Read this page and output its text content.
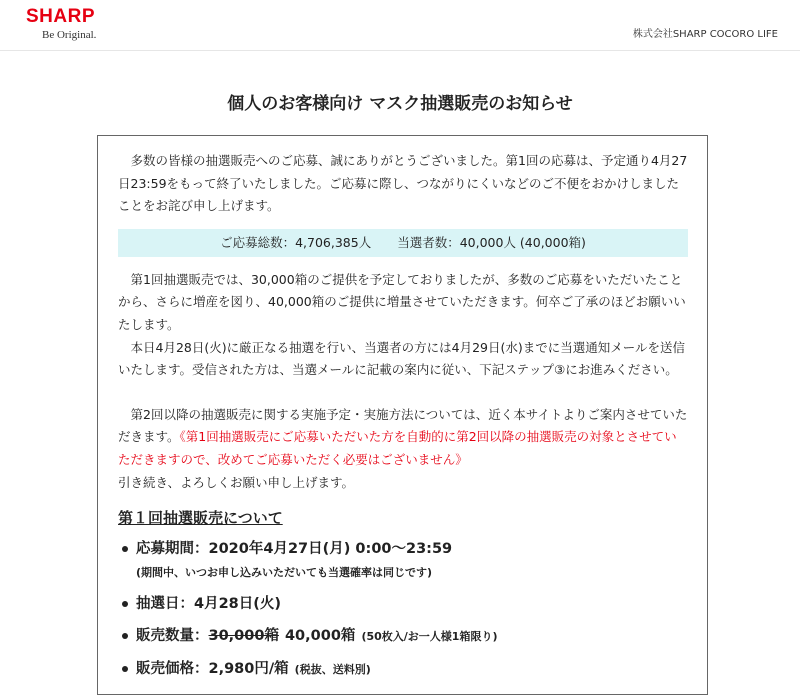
SHARP
Be Original.	株式会社SHARP COCORO LIFE
個人のお客様向け マスク抽選販売のお知らせ

　多数の皆様の抽選販売へのご応募、誠にありがとうございました。第1回の応募は、予定通り4月27日23:59をもって終了いたしました。ご応募に際し、つながりにくいなどのご不便をおかけしましたことをお詫び申し上げます。

ご応募総数：4,706,385人 当選者数：40,000人 (40,000箱)

　第1回抽選販売では、30,000箱のご提供を予定しておりましたが、多数のご応募をいただいたことから、さらに増産を図り、40,000箱のご提供に増量させていただきます。何卒ご了承のほどお願いいたします。

　本日4月28日(火)に厳正なる抽選を行い、当選者の方には4月29日(水)までに当選通知メールを送信いたします。受信された方は、当選メールに記載の案内に従い、下記ステップ③にお進みください。

　第2回以降の抽選販売に関する実施予定・実施方法については、近く本サイトよりご案内させていただきます。《第1回抽選販売にご応募いただいた方を自動的に第2回以降の抽選販売の対象とさせていただきますので、改めてご応募いただく必要はございません》

引き続き、よろしくお願い申し上げます。

第１回抽選販売について
応募期間：2020年4月27日(月) 0:00～23:59
(期間中、いつお申し込みいただいても当選確率は同じです)
抽選日：4月28日(火)
販売数量：30,000箱 40,000箱 (50枚入/お一人様1箱限り)
販売価格：2,980円/箱 (税抜、送料別)
